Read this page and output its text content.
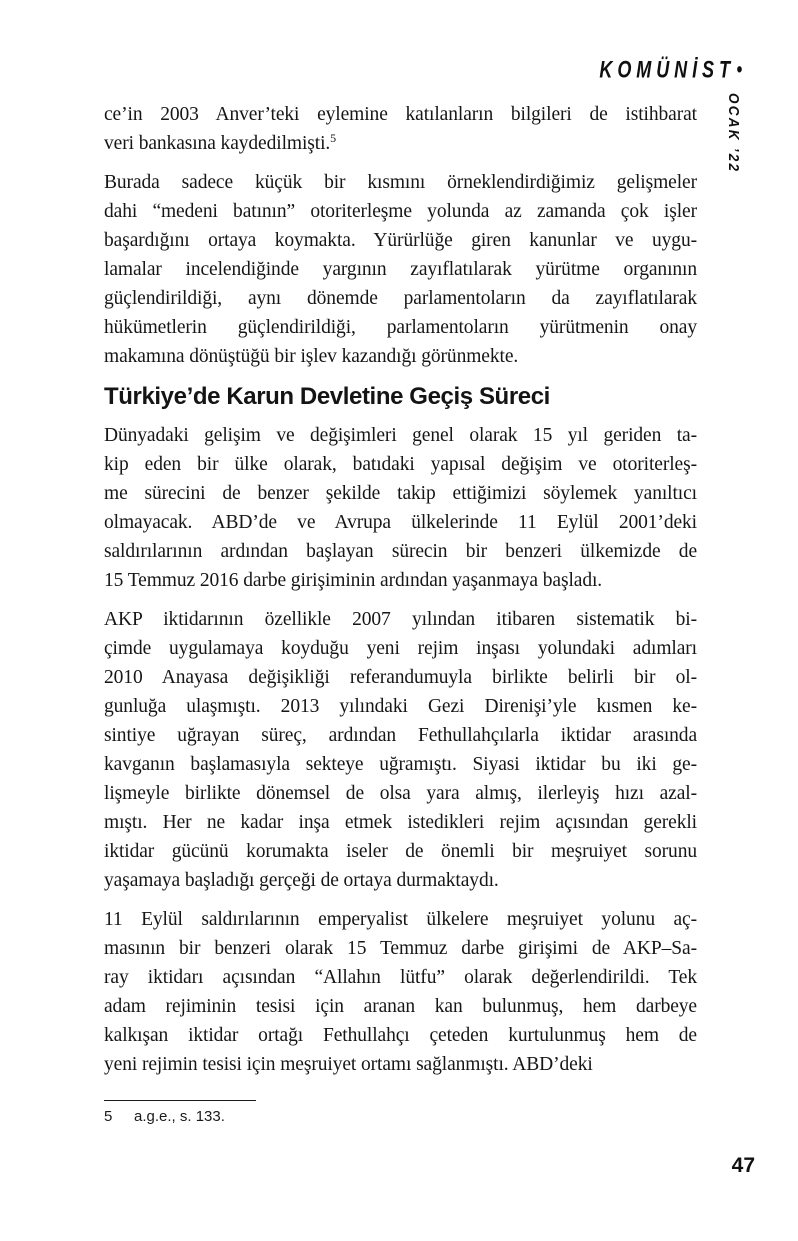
KOMÜNİST•
OCAK ’22
ce’in 2003 Anver’teki eylemine katılanların bilgileri de istihbarat
veri bankasına kaydedilmişti.$^5$
Burada sadece küçük bir kısmını örneklendirdiğimiz gelişmeler
dahi “medeni batının” otoriterleşme yolunda az zamanda çok işler
başardığını ortaya koymakta. Yürürlüğe giren kanunlar ve uygu-
lamalar incelendiğinde yargının zayıflatılarak yürütme organının
güçlendirildiği, aynı dönemde parlamentoların da zayıflatılarak
hükümetlerin güçlendirildiği, parlamentoların yürütmenin onay
makamına dönüştüğü bir işlev kazandığı görünmekte.
Türkiye’de Karun Devletine Geçiş Süreci
Dünyadaki gelişim ve değişimleri genel olarak 15 yıl geriden ta-
kip eden bir ülke olarak, batıdaki yapısal değişim ve otoriterleş-
me sürecini de benzer şekilde takip ettiğimizi söylemek yanıltıcı
olmayacak. ABD’de ve Avrupa ülkelerinde 11 Eylül 2001’deki
saldırılarının ardından başlayan sürecin bir benzeri ülkemizde de
15 Temmuz 2016 darbe girişiminin ardından yaşanmaya başladı.
AKP iktidarının özellikle 2007 yılından itibaren sistematik bi-
çimde uygulamaya koyduğu yeni rejim inşası yolundaki adımları
2010 Anayasa değişikliği referandumuyla birlikte belirli bir ol-
gunluğa ulaşmıştı. 2013 yılındaki Gezi Direnişi’yle kısmen ke-
sintiye uğrayan süreç, ardından Fethullahçılarla iktidar arasında
kavganın başlamasıyla sekteye uğramıştı. Siyasi iktidar bu iki ge-
lişmeyle birlikte dönemsel de olsa yara almış, ilerleyiş hızı azal-
mıştı. Her ne kadar inşa etmek istedikleri rejim açısından gerekli
iktidar gücünü korumakta iseler de önemli bir meşruiyet sorunu
yaşamaya başladığı gerçeği de ortaya durmaktaydı.
11 Eylül saldırılarının emperyalist ülkelere meşruiyet yolunu aç-
masının bir benzeri olarak 15 Temmuz darbe girişimi de AKP–Sa-
ray iktidarı açısından “Allahın lütfu” olarak değerlendirildi. Tek
adam rejiminin tesisi için aranan kan bulunmuş, hem darbeye
kalkışan iktidar ortağı Fethullahçı çeteden kurtulunmuş hem de
yeni rejimin tesisi için meşruiyet ortamı sağlanmıştı. ABD’deki
5 a.g.e., s. 133.
47
